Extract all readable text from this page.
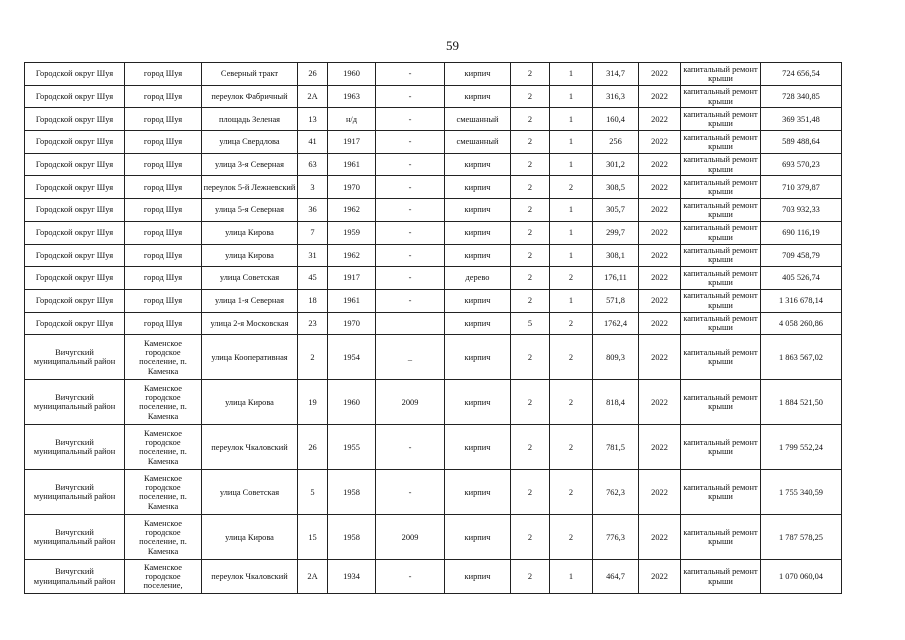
59
Городской округ Шуя	город Шуя	Северный тракт	26	1960	-	кирпич	2	1	314,7	2022	капитальный ремонт крыши	724 656,54
Городской округ Шуя	город Шуя	переулок Фабричный	2А	1963	-	кирпич	2	1	316,3	2022	капитальный ремонт крыши	728 340,85
Городской округ Шуя	город Шуя	площадь Зеленая	13	н/д	-	смешанный	2	1	160,4	2022	капитальный ремонт крыши	369 351,48
Городской округ Шуя	город Шуя	улица Свердлова	41	1917	-	смешанный	2	1	256	2022	капитальный ремонт крыши	589 488,64
Городской округ Шуя	город Шуя	улица 3-я Северная	63	1961	-	кирпич	2	1	301,2	2022	капитальный ремонт крыши	693 570,23
Городской округ Шуя	город Шуя	переулок 5-й Лежневский	3	1970	-	кирпич	2	2	308,5	2022	капитальный ремонт крыши	710 379,87
Городской округ Шуя	город Шуя	улица 5-я Северная	36	1962	-	кирпич	2	1	305,7	2022	капитальный ремонт крыши	703 932,33
Городской округ Шуя	город Шуя	улица Кирова	7	1959	-	кирпич	2	1	299,7	2022	капитальный ремонт крыши	690 116,19
Городской округ Шуя	город Шуя	улица Кирова	31	1962	-	кирпич	2	1	308,1	2022	капитальный ремонт крыши	709 458,79
Городской округ Шуя	город Шуя	улица Советская	45	1917	-	дерево	2	2	176,11	2022	капитальный ремонт крыши	405 526,74
Городской округ Шуя	город Шуя	улица 1-я Северная	18	1961	-	кирпич	2	1	571,8	2022	капитальный ремонт крыши	1 316 678,14
Городской округ Шуя	город Шуя	улица 2-я Московская	23	1970		кирпич	5	2	1762,4	2022	капитальный ремонт крыши	4 058 260,86
Вичугский муниципальный район	Каменское городское поселение, п. Каменка	улица Кооперативная	2	1954	_	кирпич	2	2	809,3	2022	капитальный ремонт крыши	1 863 567,02
Вичугский муниципальный район	Каменское городское поселение, п. Каменка	улица Кирова	19	1960	2009	кирпич	2	2	818,4	2022	капитальный ремонт крыши	1 884 521,50
Вичугский муниципальный район	Каменское городское поселение, п. Каменка	переулок Чкаловский	26	1955	-	кирпич	2	2	781,5	2022	капитальный ремонт крыши	1 799 552,24
Вичугский муниципальный район	Каменское городское поселение, п. Каменка	улица Советская	5	1958	-	кирпич	2	2	762,3	2022	капитальный ремонт крыши	1 755 340,59
Вичугский муниципальный район	Каменское городское поселение, п. Каменка	улица Кирова	15	1958	2009	кирпич	2	2	776,3	2022	капитальный ремонт крыши	1 787 578,25
Вичугский муниципальный район	Каменское городское поселение,	переулок Чкаловский	2А	1934	-	кирпич	2	1	464,7	2022	капитальный ремонт крыши	1 070 060,04
